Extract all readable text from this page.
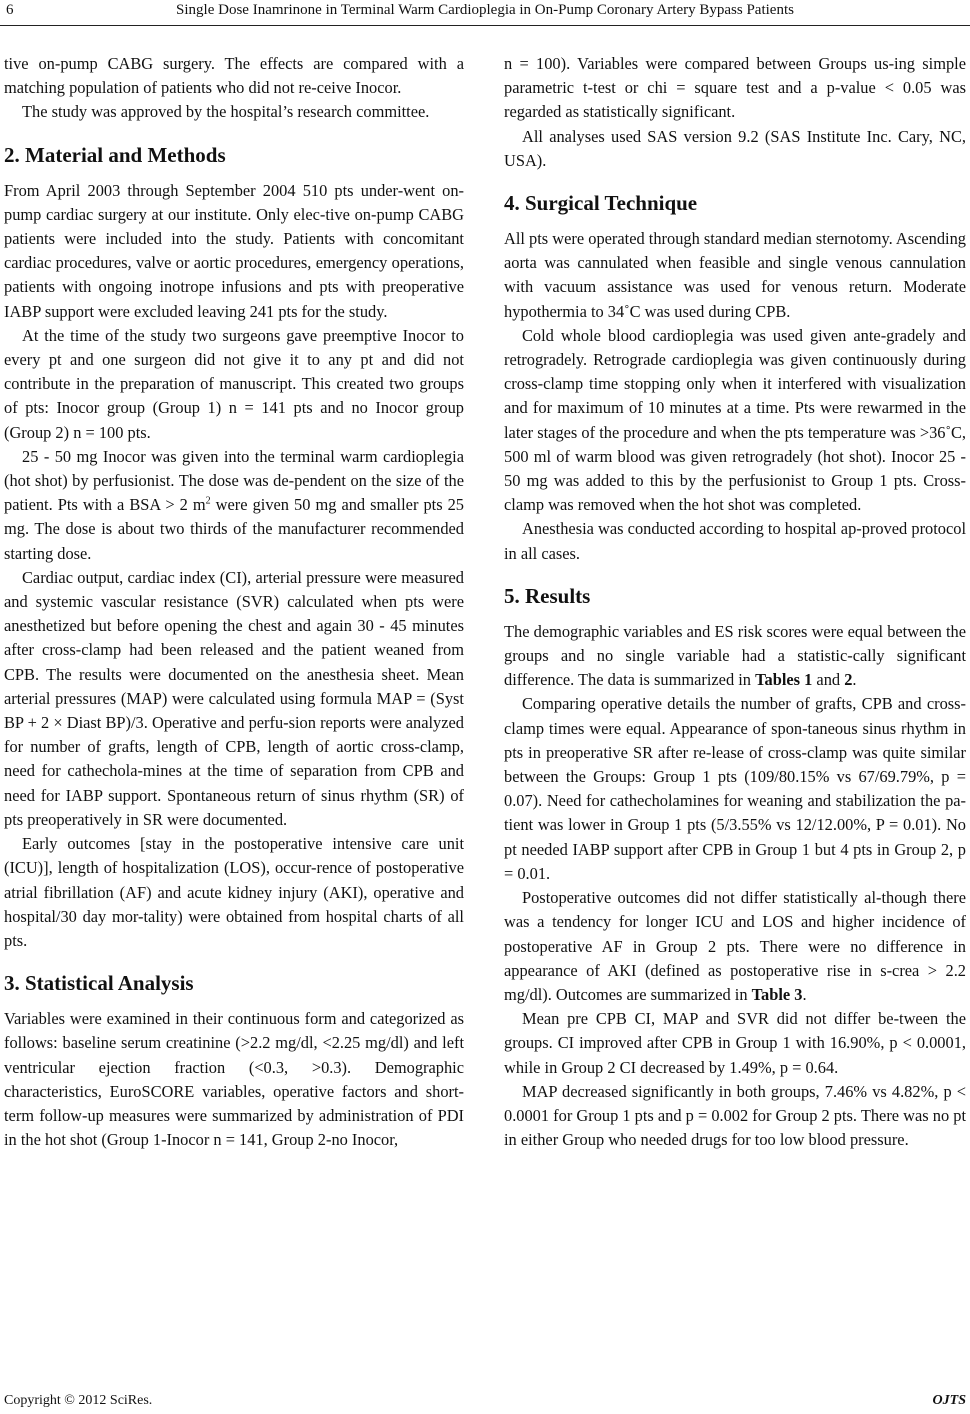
6	Single Dose Inamrinone in Terminal Warm Cardioplegia in On-Pump Coronary Artery Bypass Patients

tive on-pump CABG surgery. The effects are compared with a matching population of patients who did not re-ceive Inocor.

The study was approved by the hospital’s research committee.

2. Material and Methods

From April 2003 through September 2004 510 pts under-went on-pump cardiac surgery at our institute. Only elec-tive on-pump CABG patients were included into the study. Patients with concomitant cardiac procedures, valve or aortic procedures, emergency operations, patients with ongoing inotrope infusions and pts with preoperative IABP support were excluded leaving 241 pts for the study.

At the time of the study two surgeons gave preemptive Inocor to every pt and one surgeon did not give it to any pt and did not contribute in the preparation of manuscript. This created two groups of pts: Inocor group (Group 1) n = 141 pts and no Inocor group (Group 2) n = 100 pts.

25 - 50 mg Inocor was given into the terminal warm cardioplegia (hot shot) by perfusionist. The dose was de-pendent on the size of the patient. Pts with a BSA > 2 $m^2$ were given 50 mg and smaller pts 25 mg. The dose is about two thirds of the manufacturer recommended starting dose.

Cardiac output, cardiac index (CI), arterial pressure were measured and systemic vascular resistance (SVR) calculated when pts were anesthetized but before opening the chest and again 30 - 45 minutes after cross-clamp had been released and the patient weaned from CPB. The results were documented on the anesthesia sheet. Mean arterial pressures (MAP) were calculated using formula MAP = (Syst BP + 2 × Diast BP)/3. Operative and perfu-sion reports were analyzed for number of grafts, length of CPB, length of aortic cross-clamp, need for cathechola-mines at the time of separation from CPB and need for IABP support. Spontaneous return of sinus rhythm (SR) of pts preoperatively in SR were documented.

Early outcomes [stay in the postoperative intensive care unit (ICU)], length of hospitalization (LOS), occur-rence of postoperative atrial fibrillation (AF) and acute kidney injury (AKI), operative and hospital/30 day mor-tality) were obtained from hospital charts of all pts.

3. Statistical Analysis

Variables were examined in their continuous form and categorized as follows: baseline serum creatinine (>2.2 mg/dl, <2.25 mg/dl) and left ventricular ejection fraction (<0.3, >0.3). Demographic characteristics, EuroSCORE variables, operative factors and short-term follow-up measures were summarized by administration of PDI in the hot shot (Group 1-Inocor n = 141, Group 2-no Inocor,

n = 100). Variables were compared between Groups us-ing simple parametric t-test or chi = square test and a p-value < 0.05 was regarded as statistically significant.

All analyses used SAS version 9.2 (SAS Institute Inc. Cary, NC, USA).

4. Surgical Technique

All pts were operated through standard median sternotomy. Ascending aorta was cannulated when feasible and single venous cannulation with vacuum assistance was used for venous return. Moderate hypothermia to 34˚C was used during CPB.

Cold whole blood cardioplegia was used given ante-gradely and retrogradely. Retrograde cardioplegia was given continuously during cross-clamp time stopping only when it interfered with visualization and for maximum of 10 minutes at a time. Pts were rewarmed in the later stages of the procedure and when the pts temperature was >36˚C, 500 ml of warm blood was given retrogradely (hot shot). Inocor 25 - 50 mg was added to this by the perfusionist to Group 1 pts. Cross-clamp was removed when the hot shot was completed.

Anesthesia was conducted according to hospital ap-proved protocol in all cases.

5. Results

The demographic variables and ES risk scores were equal between the groups and no single variable had a statistic-cally significant difference. The data is summarized in Tables 1 and 2.

Comparing operative details the number of grafts, CPB and cross-clamp times were equal. Appearance of spon-taneous sinus rhythm in pts in preoperative SR after re-lease of cross-clamp was quite similar between the Groups: Group 1 pts (109/80.15% vs 67/69.79%, p = 0.07). Need for cathecholamines for weaning and stabilization the pa-tient was lower in Group 1 pts (5/3.55% vs 12/12.00%, P = 0.01). No pt needed IABP support after CPB in Group 1 but 4 pts in Group 2, p = 0.01.

Postoperative outcomes did not differ statistically al-though there was a tendency for longer ICU and LOS and higher incidence of postoperative AF in Group 2 pts. There were no difference in appearance of AKI (defined as postoperative rise in s-crea > 2.2 mg/dl). Outcomes are summarized in Table 3.

Mean pre CPB CI, MAP and SVR did not differ be-tween the groups. CI improved after CPB in Group 1 with 16.90%, p < 0.0001, while in Group 2 CI decreased by 1.49%, p = 0.64.

MAP decreased significantly in both groups, 7.46% vs 4.82%, p < 0.0001 for Group 1 pts and p = 0.002 for Group 2 pts. There was no pt in either Group who needed drugs for too low blood pressure.

Copyright © 2012 SciRes.	OJTS
